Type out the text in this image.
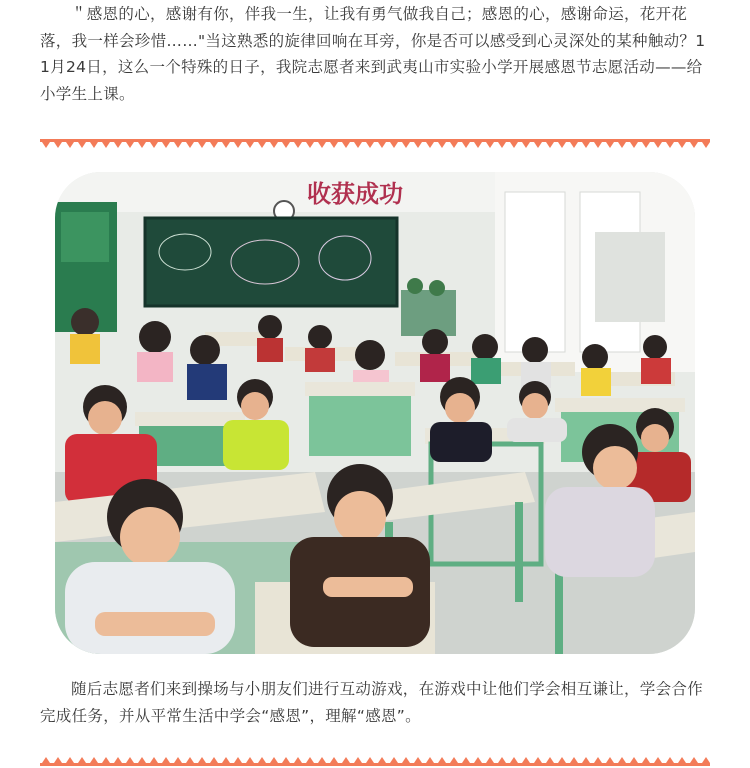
＂感恩的心，感谢有你，伴我一生，让我有勇气做我自己；感恩的心，感谢命运，花开花落，我一样会珍惜……"当这熟悉的旋律回响在耳旁，你是否可以感受到心灵深处的某种触动？11月24日，这么一个特殊的日子，我院志愿者来到武夷山市实验小学开展感恩节志愿活动——给小学生上课。

收获成功

随后志愿者们来到操场与小朋友们进行互动游戏，在游戏中让他们学会相互谦让，学会合作完成任务，并从平常生活中学会“感恩”，理解“感恩”。
